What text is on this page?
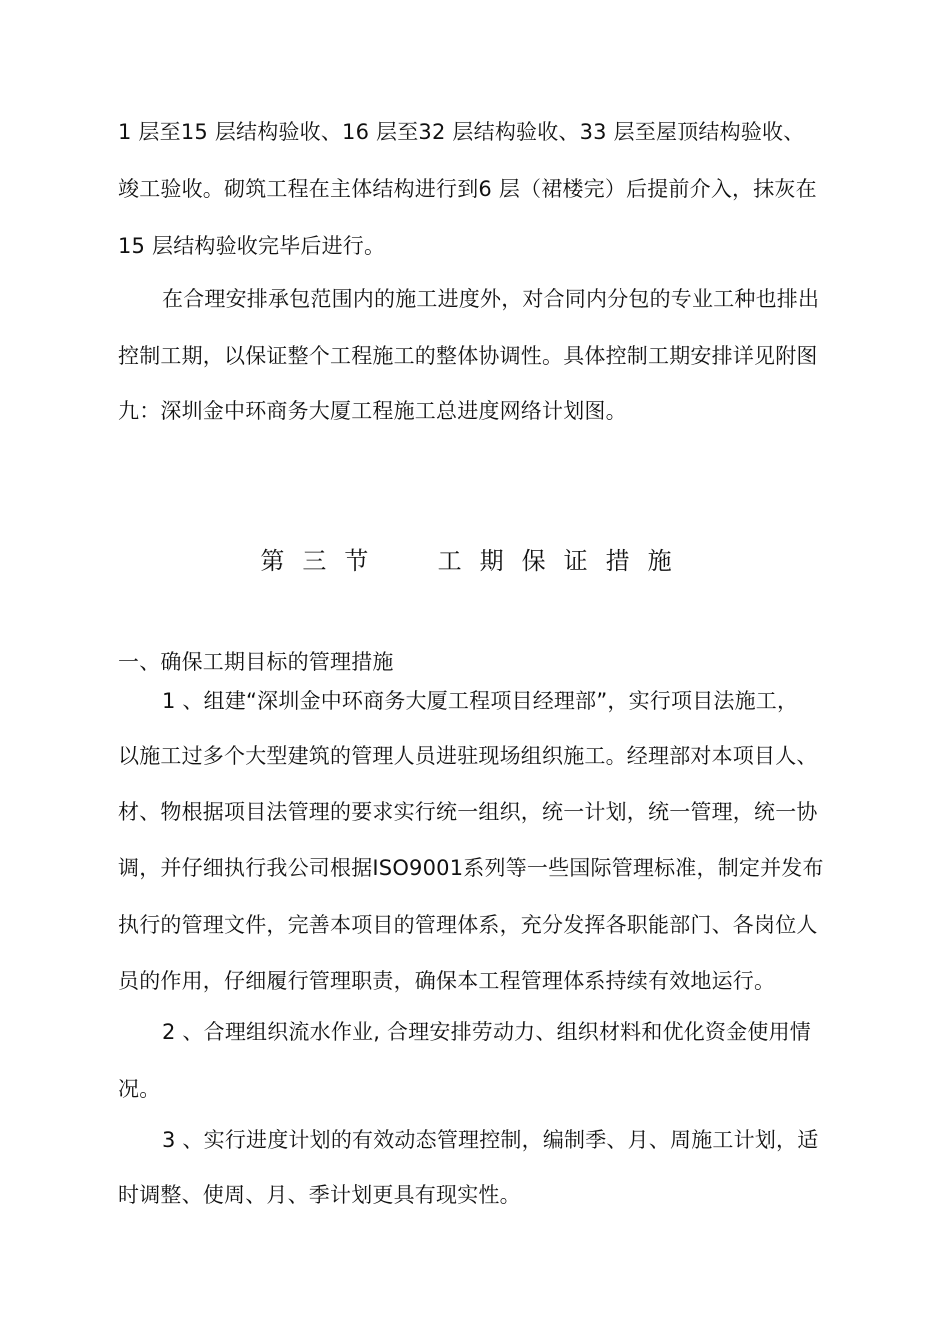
1 层至15 层结构验收、16 层至32 层结构验收、33 层至屋顶结构验收、
竣工验收。砌筑工程在主体结构进行到6 层（裙楼完）后提前介入，抹灰在
15 层结构验收完毕后进行。
在合理安排承包范围内的施工进度外，对合同内分包的专业工种也排出
控制工期，以保证整个工程施工的整体协调性。具体控制工期安排详见附图
九：深圳金中环商务大厦工程施工总进度网络计划图。
第三节  工期保证措施
一、确保工期目标的管理措施
1 、组建“深圳金中环商务大厦工程项目经理部”，实行项目法施工，
以施工过多个大型建筑的管理人员进驻现场组织施工。经理部对本项目人、
材、物根据项目法管理的要求实行统一组织，统一计划，统一管理，统一协
调，并仔细执行我公司根据ISO9001系列等一些国际管理标准，制定并发布
执行的管理文件，完善本项目的管理体系，充分发挥各职能部门、各岗位人
员的作用，仔细履行管理职责，确保本工程管理体系持续有效地运行。
2 、合理组织流水作业, 合理安排劳动力、组织材料和优化资金使用情
况。
3 、实行进度计划的有效动态管理控制，编制季、月、周施工计划，适
时调整、使周、月、季计划更具有现实性。
